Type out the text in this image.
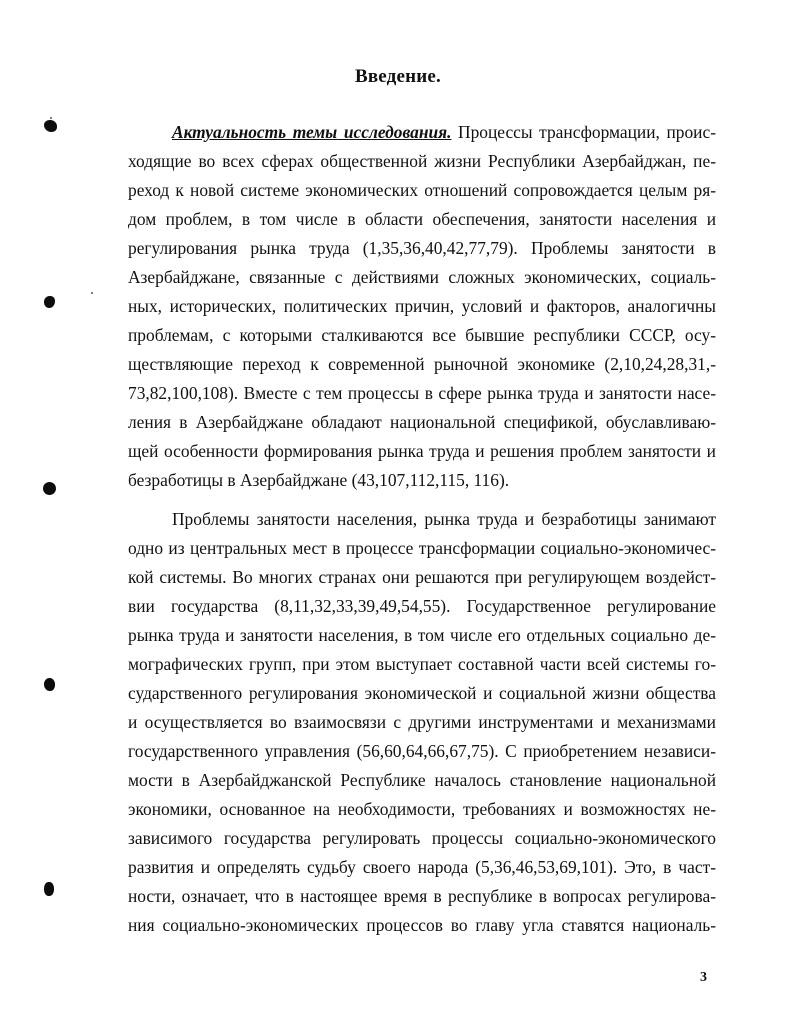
Введение.
Актуальность темы исследования. Процессы трансформации, проис-
ходящие во всех сферах общественной жизни Республики Азербайджан, пе-
реход к новой системе экономических отношений сопровождается целым ря-
дом проблем, в том числе в области обеспечения, занятости населения и
регулирования рынка труда (1,35,36,40,42,77,79). Проблемы занятости в
Азербайджане, связанные с действиями сложных экономических, социаль-
ных, исторических, политических причин, условий и факторов, аналогичны
проблемам, с которыми сталкиваются все бывшие республики СССР, осу-
ществляющие переход к современной рыночной экономике (2,10,24,28,31,-
73,82,100,108). Вместе с тем процессы в сфере рынка труда и занятости насе-
ления в Азербайджане обладают национальной спецификой, обуславливаю-
щей особенности формирования рынка труда и решения проблем занятости и
безработицы в Азербайджане (43,107,112,115, 116).
Проблемы занятости населения, рынка труда и безработицы занимают
одно из центральных мест в процессе трансформации социально-экономичес-
кой системы. Во многих странах они решаются при регулирующем воздейст-
вии государства (8,11,32,33,39,49,54,55). Государственное регулирование
рынка труда и занятости населения, в том числе его отдельных социально де-
мографических групп, при этом выступает составной части всей системы го-
сударственного регулирования экономической и социальной жизни общества
и осуществляется во взаимосвязи с другими инструментами и механизмами
государственного управления (56,60,64,66,67,75). С приобретением независи-
мости в Азербайджанской Республике началось становление национальной
экономики, основанное на необходимости, требованиях и возможностях не-
зависимого государства регулировать процессы социально-экономического
развития и определять судьбу своего народа (5,36,46,53,69,101). Это, в част-
ности, означает, что в настоящее время в республике в вопросах регулирова-
ния социально-экономических процессов во главу угла ставятся националь-
3
